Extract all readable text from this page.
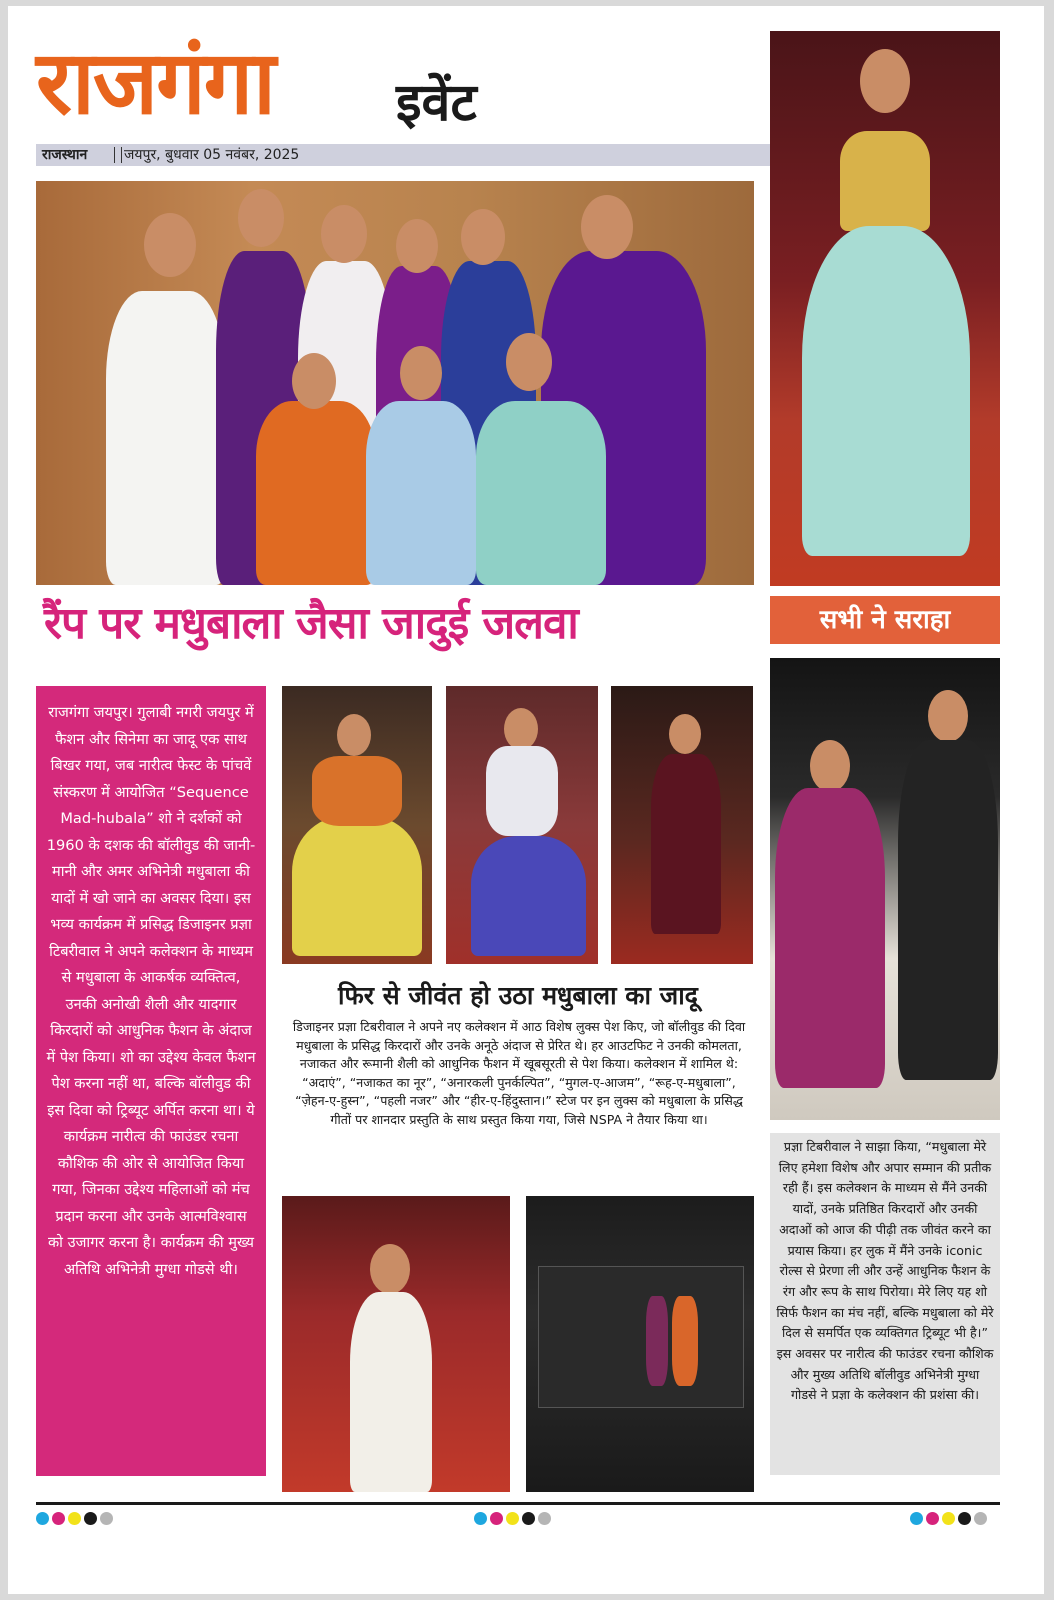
राजगंगा इवेंट
राजस्थान	जयपुर, बुधवार 05 नवंबर, 2025
रैंप पर मधुबाला जैसा जादुई जलवा	सभी ने सराहा
राजगंगा जयपुर। गुलाबी नगरी जयपुर में फैशन और सिनेमा का जादू एक साथ बिखर गया, जब नारीत्व फेस्ट के पांचवें संस्करण में आयोजित “Sequence Mad-hubala” शो ने दर्शकों को 1960 के दशक की बॉलीवुड की जानी-मानी और अमर अभिनेत्री मधुबाला की यादों में खो जाने का अवसर दिया। इस भव्य कार्यक्रम में प्रसिद्ध डिजाइनर प्रज्ञा टिबरीवाल ने अपने कलेक्शन के माध्यम से मधुबाला के आकर्षक व्यक्तित्व, उनकी अनोखी शैली और यादगार किरदारों को आधुनिक फैशन के अंदाज में पेश किया। शो का उद्देश्य केवल फैशन पेश करना नहीं था, बल्कि बॉलीवुड की इस दिवा को ट्रिब्यूट अर्पित करना था। ये कार्यक्रम नारीत्व की फाउंडर रचना कौशिक की ओर से आयोजित किया गया, जिनका उद्देश्य महिलाओं को मंच प्रदान करना और उनके आत्मविश्वास को उजागर करना है। कार्यक्रम की मुख्य अतिथि अभिनेत्री मुग्धा गोडसे थी।
फिर से जीवंत हो उठा मधुबाला का जादू
डिजाइनर प्रज्ञा टिबरीवाल ने अपने नए कलेक्शन में आठ विशेष लुक्स पेश किए, जो बॉलीवुड की दिवा मधुबाला के प्रसिद्ध किरदारों और उनके अनूठे अंदाज से प्रेरित थे। हर आउटफिट ने उनकी कोमलता, नजाकत और रूमानी शैली को आधुनिक फैशन में खूबसूरती से पेश किया। कलेक्शन में शामिल थे: “अदाएं”, “नजाकत का नूर”, “अनारकली पुनर्कल्पित”, “मुगल-ए-आजम”, “रूह-ए-मधुबाला”, “ज़ेहन-ए-हुस्न”, “पहली नजर” और “हीर-ए-हिंदुस्तान।” स्टेज पर इन लुक्स को मधुबाला के प्रसिद्ध गीतों पर शानदार प्रस्तुति के साथ प्रस्तुत किया गया, जिसे NSPA ने तैयार किया था।
प्रज्ञा टिबरीवाल ने साझा किया, “मधुबाला मेरे लिए हमेशा विशेष और अपार सम्मान की प्रतीक रही हैं। इस कलेक्शन के माध्यम से मैंने उनकी यादों, उनके प्रतिष्ठित किरदारों और उनकी अदाओं को आज की पीढ़ी तक जीवंत करने का प्रयास किया। हर लुक में मैंने उनके iconic रोल्स से प्रेरणा ली और उन्हें आधुनिक फैशन के रंग और रूप के साथ पिरोया। मेरे लिए यह शो सिर्फ फैशन का मंच नहीं, बल्कि मधुबाला को मेरे दिल से समर्पित एक व्यक्तिगत ट्रिब्यूट भी है।” इस अवसर पर नारीत्व की फाउंडर रचना कौशिक और मुख्य अतिथि बॉलीवुड अभिनेत्री मुग्धा गोडसे ने प्रज्ञा के कलेक्शन की प्रशंसा की।
